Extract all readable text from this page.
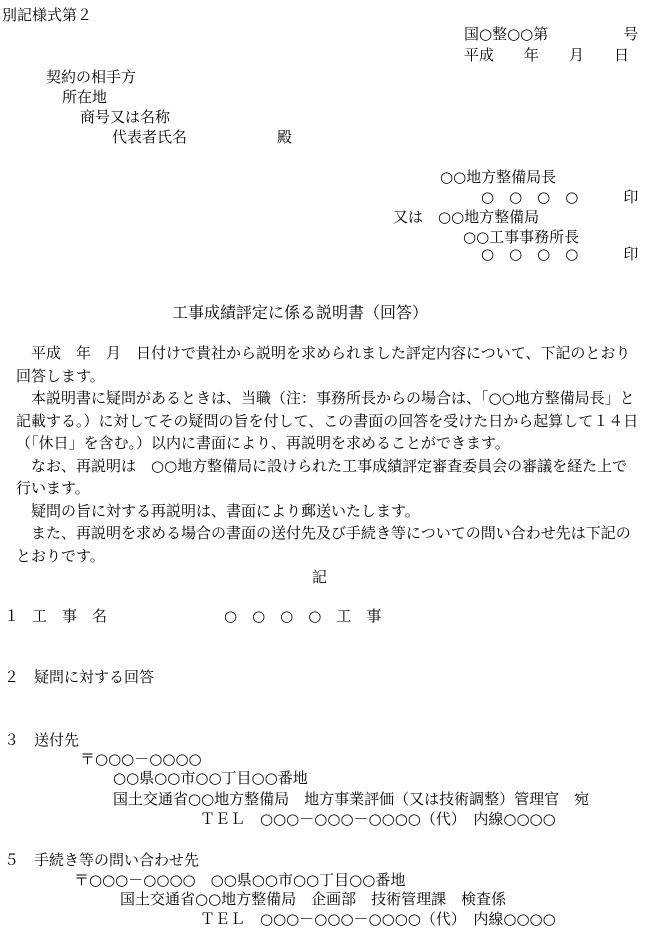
別記様式第２
国○整○○第　　　　　号
平成　　年　　月　　日
契約の相手方
所在地
商号又は名称
代表者氏名　　　　　　殿
○○地方整備局長
○　○　○　○　　　印
又は　○○地方整備局
○○工事事務所長
○　○　○　○　　　印
工事成績評定に係る説明書（回答）
　平成　年　月　日付けで貴社から説明を求められました評定内容について、下記のとおり回答します。
　本説明書に疑問があるときは、当職（注：事務所長からの場合は、「○○地方整備局長」と記載する。）に対してその疑問の旨を付して、この書面の回答を受けた日から起算して１４日（「休日」を含む。）以内に書面により、再説明を求めることができます。
　なお、再説明は　○○地方整備局に設けられた工事成績評定審査委員会の審議を経た上で行います。
　疑問の旨に対する再説明は、書面により郵送いたします。
　また、再説明を求める場合の書面の送付先及び手続き等についての問い合わせ先は下記のとおりです。
記
１ 工　事　名	○　○　○　○　工　事
２　疑問に対する回答
３　送付先
〒○○○－○○○○
○○県○○市○○丁目○○番地
国土交通省○○地方整備局　地方事業評価（又は技術調整）管理官　宛
ＴＥＬ　○○○－○○○－○○○○（代）　内線○○○○
５　手続き等の問い合わせ先
〒○○○－○○○○　○○県○○市○○丁目○○番地
国土交通省○○地方整備局　企画部　技術管理課　検査係
ＴＥＬ　○○○－○○○－○○○○（代）　内線○○○○
